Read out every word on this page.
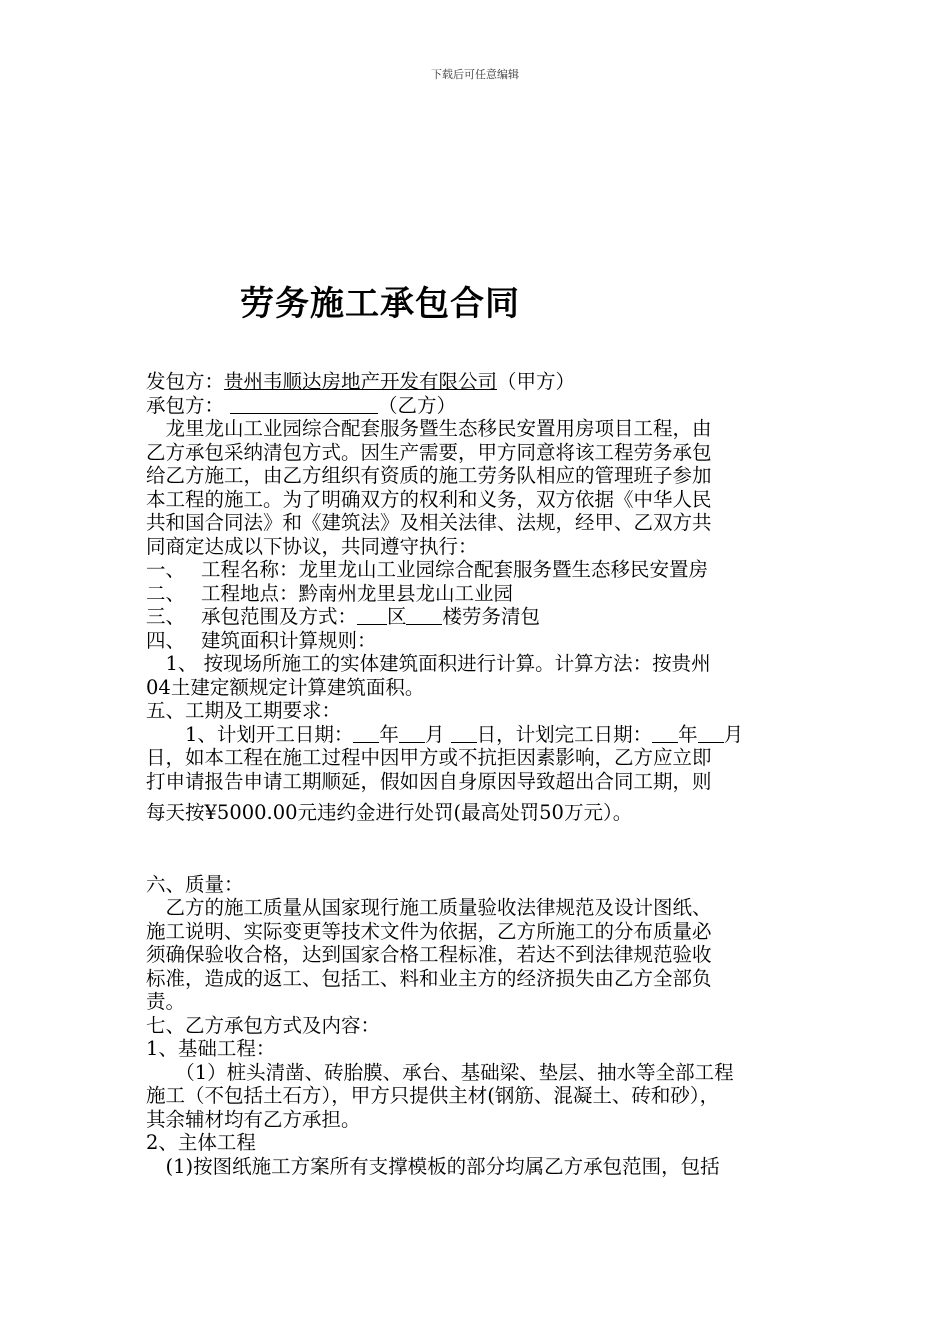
下载后可任意编辑
劳务施工承包合同
发包方：贵州韦顺达房地产开发有限公司（甲方）
承包方：	（乙方）
　龙里龙山工业园综合配套服务暨生态移民安置用房项目工程，由
乙方承包采纳清包方式。因生产需要，甲方同意将该工程劳务承包
给乙方施工，由乙方组织有资质的施工劳务队相应的管理班子参加
本工程的施工。为了明确双方的权利和义务，双方依据《中华人民
共和国合同法》和《建筑法》及相关法律、法规，经甲、乙双方共
同商定达成以下协议，共同遵守执行：
一、　 工程名称：龙里龙山工业园综合配套服务暨生态移民安置房
二、　 工程地点：黔南州龙里县龙山工业园
三、　 承包范围及方式： 区 楼劳务清包
四、　 建筑面积计算规则：
　1、 按现场所施工的实体建筑面积进行计算。计算方法：按贵州
04土建定额规定计算建筑面积。
五、工期及工期要求：
　　1、计划开工日期： 年 月 日，计划完工日期： 年 月
日，如本工程在施工过程中因甲方或不抗拒因素影响，乙方应立即
打申请报告申请工期顺延，假如因自身原因导致超出合同工期，则
每天按¥5000.00元违约金进行处罚(最高处罚50万元）。
六、质量：
　乙方的施工质量从国家现行施工质量验收法律规范及设计图纸、
施工说明、实际变更等技术文件为依据，乙方所施工的分布质量必
须确保验收合格，达到国家合格工程标准，若达不到法律规范验收
标准，造成的返工、包括工、料和业主方的经济损失由乙方全部负
责。
七、乙方承包方式及内容：
1、基础工程：
　　（1）桩头清凿、砖胎膜、承台、基础梁、垫层、抽水等全部工程
施工（不包括土石方），甲方只提供主材(钢筋、混凝土、砖和砂），
其余辅材均有乙方承担。
2、主体工程
　(1)按图纸施工方案所有支撑模板的部分均属乙方承包范围，包括
